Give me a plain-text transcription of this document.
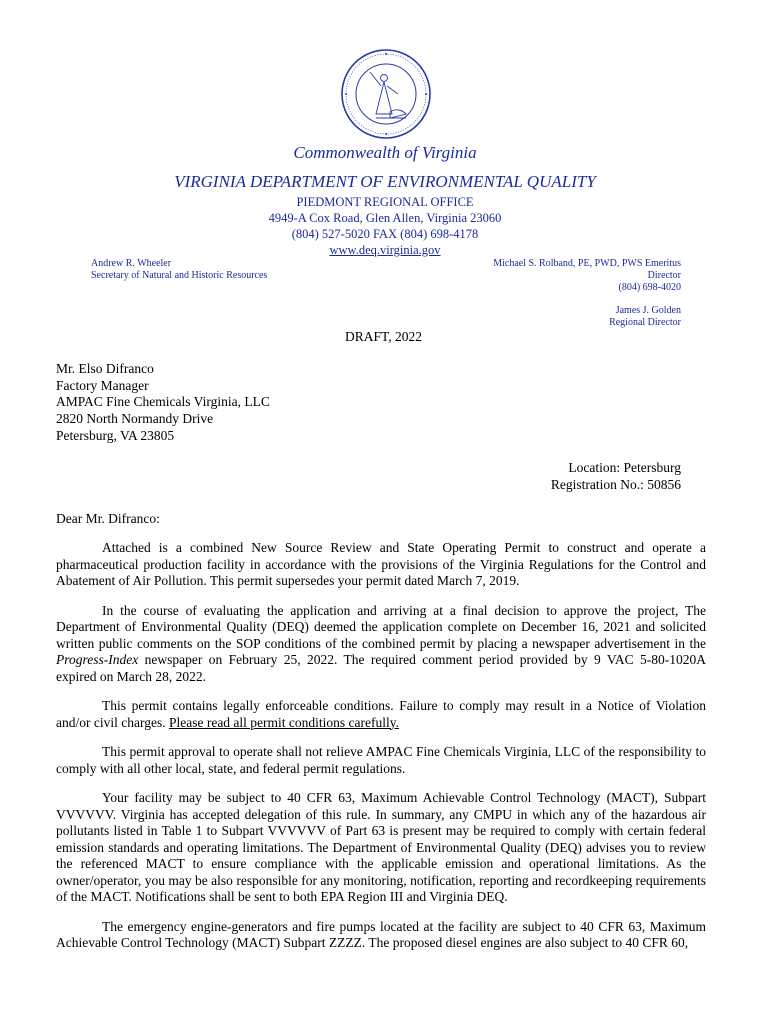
Commonwealth of Virginia
VIRGINIA DEPARTMENT OF ENVIRONMENTAL QUALITY
PIEDMONT REGIONAL OFFICE
4949-A Cox Road, Glen Allen, Virginia 23060
(804) 527-5020 FAX (804) 698-4178
www.deq.virginia.gov
Andrew R. Wheeler
Secretary of Natural and Historic Resources
Michael S. Rolband, PE, PWD, PWS Emeritus
Director
(804) 698-4020
James J. Golden
Regional Director
DRAFT, 2022
Mr. Elso Difranco
Factory Manager
AMPAC Fine Chemicals Virginia, LLC
2820 North Normandy Drive
Petersburg, VA 23805
Location: Petersburg
Registration No.: 50856
Dear Mr. Difranco:

Attached is a combined New Source Review and State Operating Permit to construct and operate a pharmaceutical production facility in accordance with the provisions of the Virginia Regulations for the Control and Abatement of Air Pollution. This permit supersedes your permit dated March 7, 2019.

In the course of evaluating the application and arriving at a final decision to approve the project, The Department of Environmental Quality (DEQ) deemed the application complete on December 16, 2021 and solicited written public comments on the SOP conditions of the combined permit by placing a newspaper advertisement in the Progress-Index newspaper on February 25, 2022. The required comment period provided by 9 VAC 5-80-1020A expired on March 28, 2022.

This permit contains legally enforceable conditions. Failure to comply may result in a Notice of Violation and/or civil charges. Please read all permit conditions carefully.

This permit approval to operate shall not relieve AMPAC Fine Chemicals Virginia, LLC of the responsibility to comply with all other local, state, and federal permit regulations.

Your facility may be subject to 40 CFR 63, Maximum Achievable Control Technology (MACT), Subpart VVVVVV. Virginia has accepted delegation of this rule. In summary, any CMPU in which any of the hazardous air pollutants listed in Table 1 to Subpart VVVVVV of Part 63 is present may be required to comply with certain federal emission standards and operating limitations. The Department of Environmental Quality (DEQ) advises you to review the referenced MACT to ensure compliance with the applicable emission and operational limitations. As the owner/operator, you may be also responsible for any monitoring, notification, reporting and recordkeeping requirements of the MACT. Notifications shall be sent to both EPA Region III and Virginia DEQ.

The emergency engine-generators and fire pumps located at the facility are subject to 40 CFR 63, Maximum Achievable Control Technology (MACT) Subpart ZZZZ. The proposed diesel engines are also subject to 40 CFR 60,
